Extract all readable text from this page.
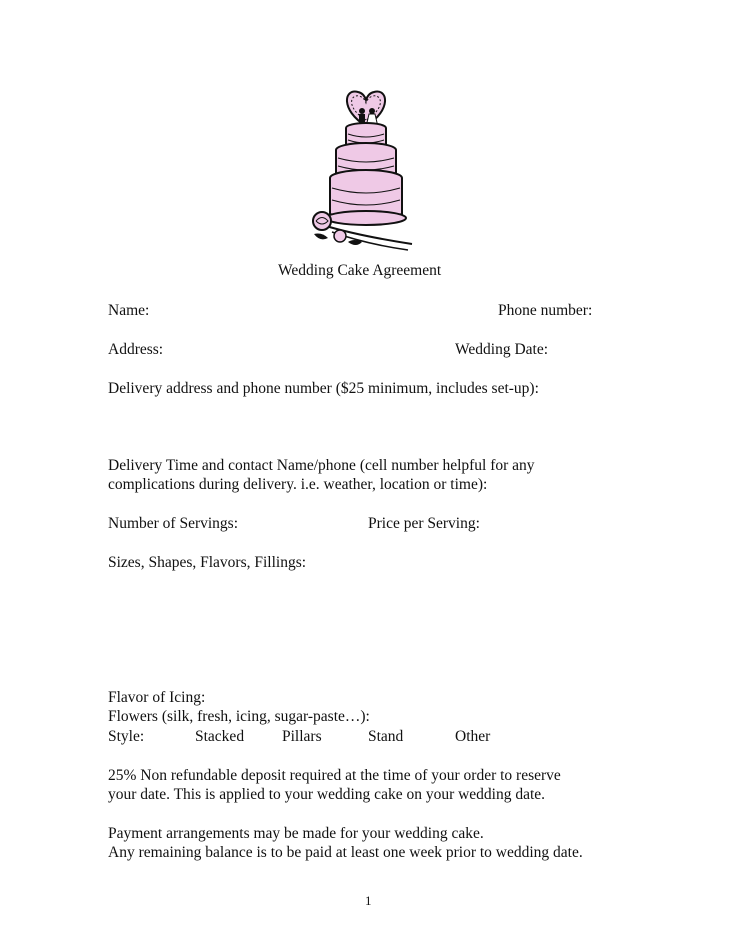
Wedding Cake Agreement
Name:	Phone number:
Address:	Wedding Date:
Delivery address and phone number ($25 minimum, includes set-up):
Delivery Time and contact Name/phone (cell number helpful for any
complications during delivery. i.e. weather, location or time):
Number of Servings:	Price per Serving:
Sizes, Shapes, Flavors, Fillings:
Flavor of Icing:
Flowers (silk, fresh, icing, sugar-paste…):
Style:	Stacked Pillars	Stand	Other
25% Non refundable deposit required at the time of your order to reserve
your date. This is applied to your wedding cake on your wedding date.
Payment arrangements may be made for your wedding cake.
Any remaining balance is to be paid at least one week prior to wedding date.
1
